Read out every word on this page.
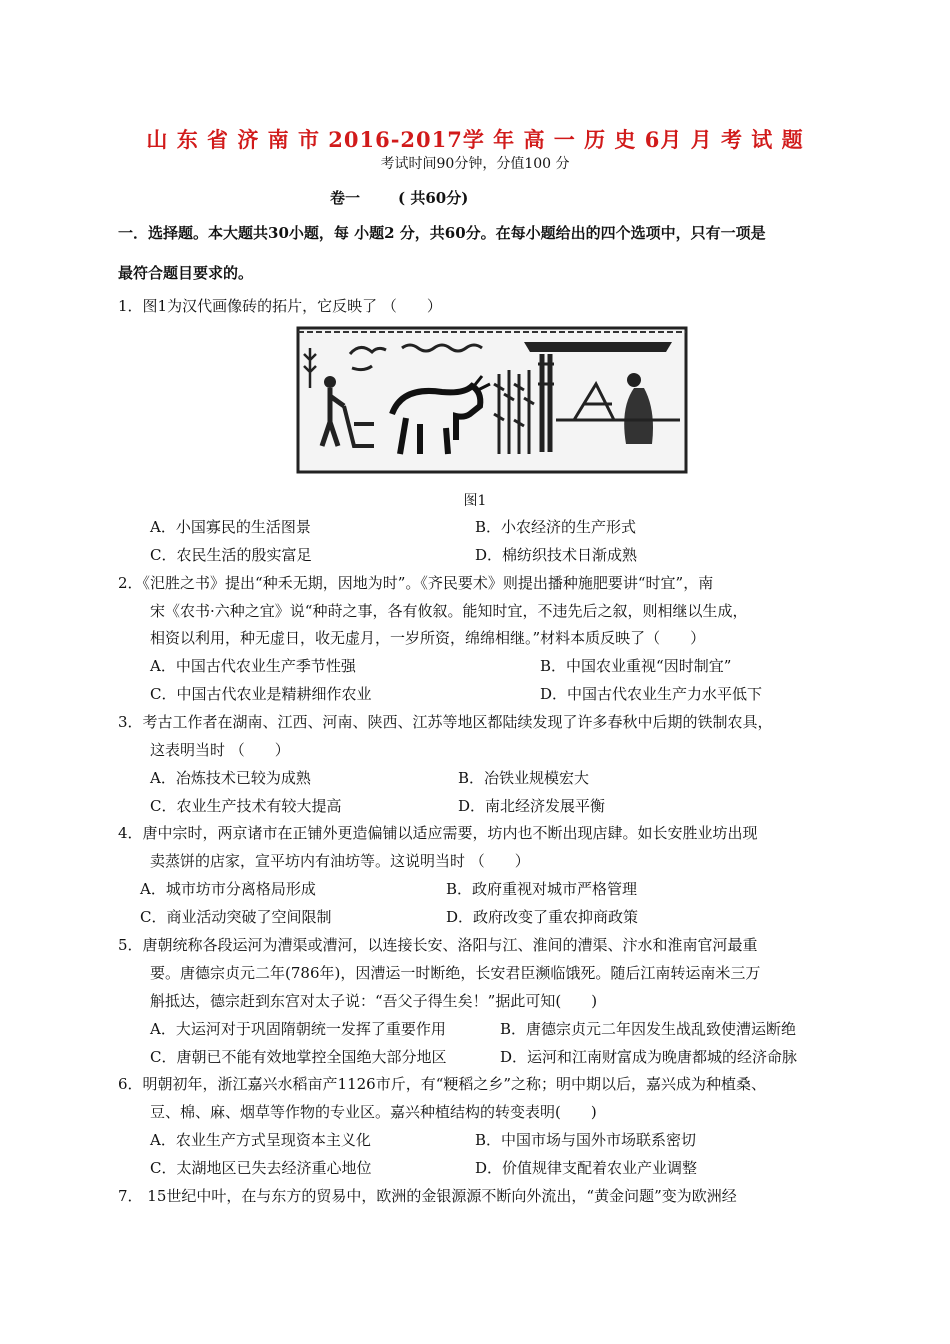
山 东 省 济 南 市 2016-2017学 年 高 一 历 史 6月 月 考 试 题
考试时间90分钟，分值100 分
卷一	( 共60分)
一．选择题。本大题共30小题，每 小题2 分，共60分。在每小题给出的四个选项中，只有一项是
最符合题目要求的。
1．图1为汉代画像砖的拓片，它反映了 （　　）
图1
A．小国寡民的生活图景	B．小农经济的生产形式
C．农民生活的殷实富足	D．棉纺织技术日渐成熟
2．《汜胜之书》提出“种禾无期，因地为时”。《齐民要术》则提出播种施肥要讲“时宜”，南
宋《农书·六种之宜》说“种莳之事，各有攸叙。能知时宜，不违先后之叙，则相继以生成，
相资以利用，种无虚日，收无虚月，一岁所资，绵绵相继。”材料本质反映了（　　）
A．中国古代农业生产季节性强	B．中国农业重视“因时制宜”
C．中国古代农业是精耕细作农业	D．中国古代农业生产力水平低下
3．考古工作者在湖南、江西、河南、陕西、江苏等地区都陆续发现了许多春秋中后期的铁制农具，
这表明当时 （　　）
A．冶炼技术已较为成熟	B．冶铁业规模宏大
C．农业生产技术有较大提高	D．南北经济发展平衡
4．唐中宗时，两京诸市在正铺外更造偏铺以适应需要，坊内也不断出现店肆。如长安胜业坊出现
卖蒸饼的店家，宣平坊内有油坊等。这说明当时 （　　）
A．城市坊市分离格局形成	B．政府重视对城市严格管理
C．商业活动突破了空间限制	D．政府改变了重农抑商政策
5．唐朝统称各段运河为漕渠或漕河，以连接长安、洛阳与江、淮间的漕渠、汴水和淮南官河最重
要。唐德宗贞元二年(786年)，因漕运一时断绝，长安君臣濒临饿死。随后江南转运南米三万
斛抵达，德宗赶到东宫对太子说：“吾父子得生矣！”据此可知(　　)
A．大运河对于巩固隋朝统一发挥了重要作用	B．唐德宗贞元二年因发生战乱致使漕运断绝
C．唐朝已不能有效地掌控全国绝大部分地区	D．运河和江南财富成为晚唐都城的经济命脉
6．明朝初年，浙江嘉兴水稻亩产1126市斤，有“粳稻之乡”之称；明中期以后，嘉兴成为种植桑、
豆、棉、麻、烟草等作物的专业区。嘉兴种植结构的转变表明(　　)
A．农业生产方式呈现资本主义化	B．中国市场与国外市场联系密切
C．太湖地区已失去经济重心地位	D．价值规律支配着农业产业调整
7． 15世纪中叶，在与东方的贸易中，欧洲的金银源源不断向外流出，“黄金问题”变为欧洲经
